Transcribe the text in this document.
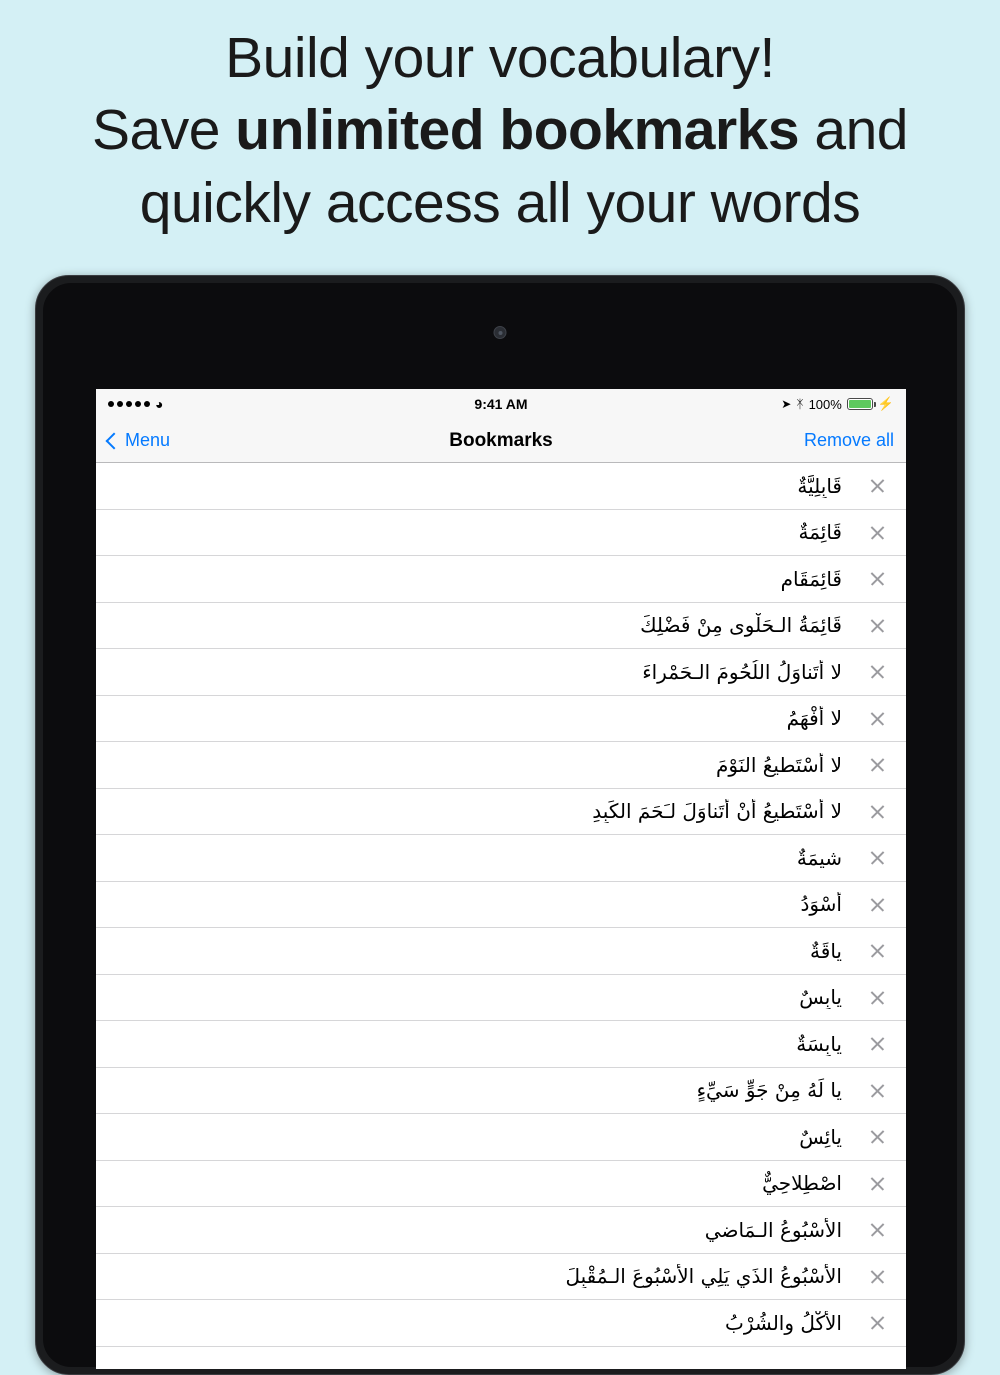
Build your vocabulary!
Save unlimited bookmarks and
quickly access all your words
◕	9:41 AM	➤ ᛡ 100%	⚡
Menu	Bookmarks	Remove all
قَابِلِيَّةٌ
قَائِمَةٌ
قَائِمَقَامٍ
قَائِمَةُ الـحَلْوى مِنْ فَضْلِكَ
لا أَتَناوَلُ اللُحُومَ الـحَمْراءَ
لا أَفْهَمُ
لا أَسْتَطيعُ النَوْمَ
لا أَسْتَطيعُ أَنْ أَتَناوَلَ لـَحَمَ الكَبِدِ
شيمَةٌ
أَسْوَدُ
ياقَةٌ
يابِسٌ
يابِسَةٌ
يا لَهُ مِنْ جَوٍّ سَيِّءٍ
يائِسٌ
اصْطِلاحِيٌّ
الأُسْبُوعُ الـمَاضي
الأُسْبُوعُ الذَي يَلِي الأُسْبُوعَ الـمُقْبِلَ
الأَكْلُ والشُرْبُ
